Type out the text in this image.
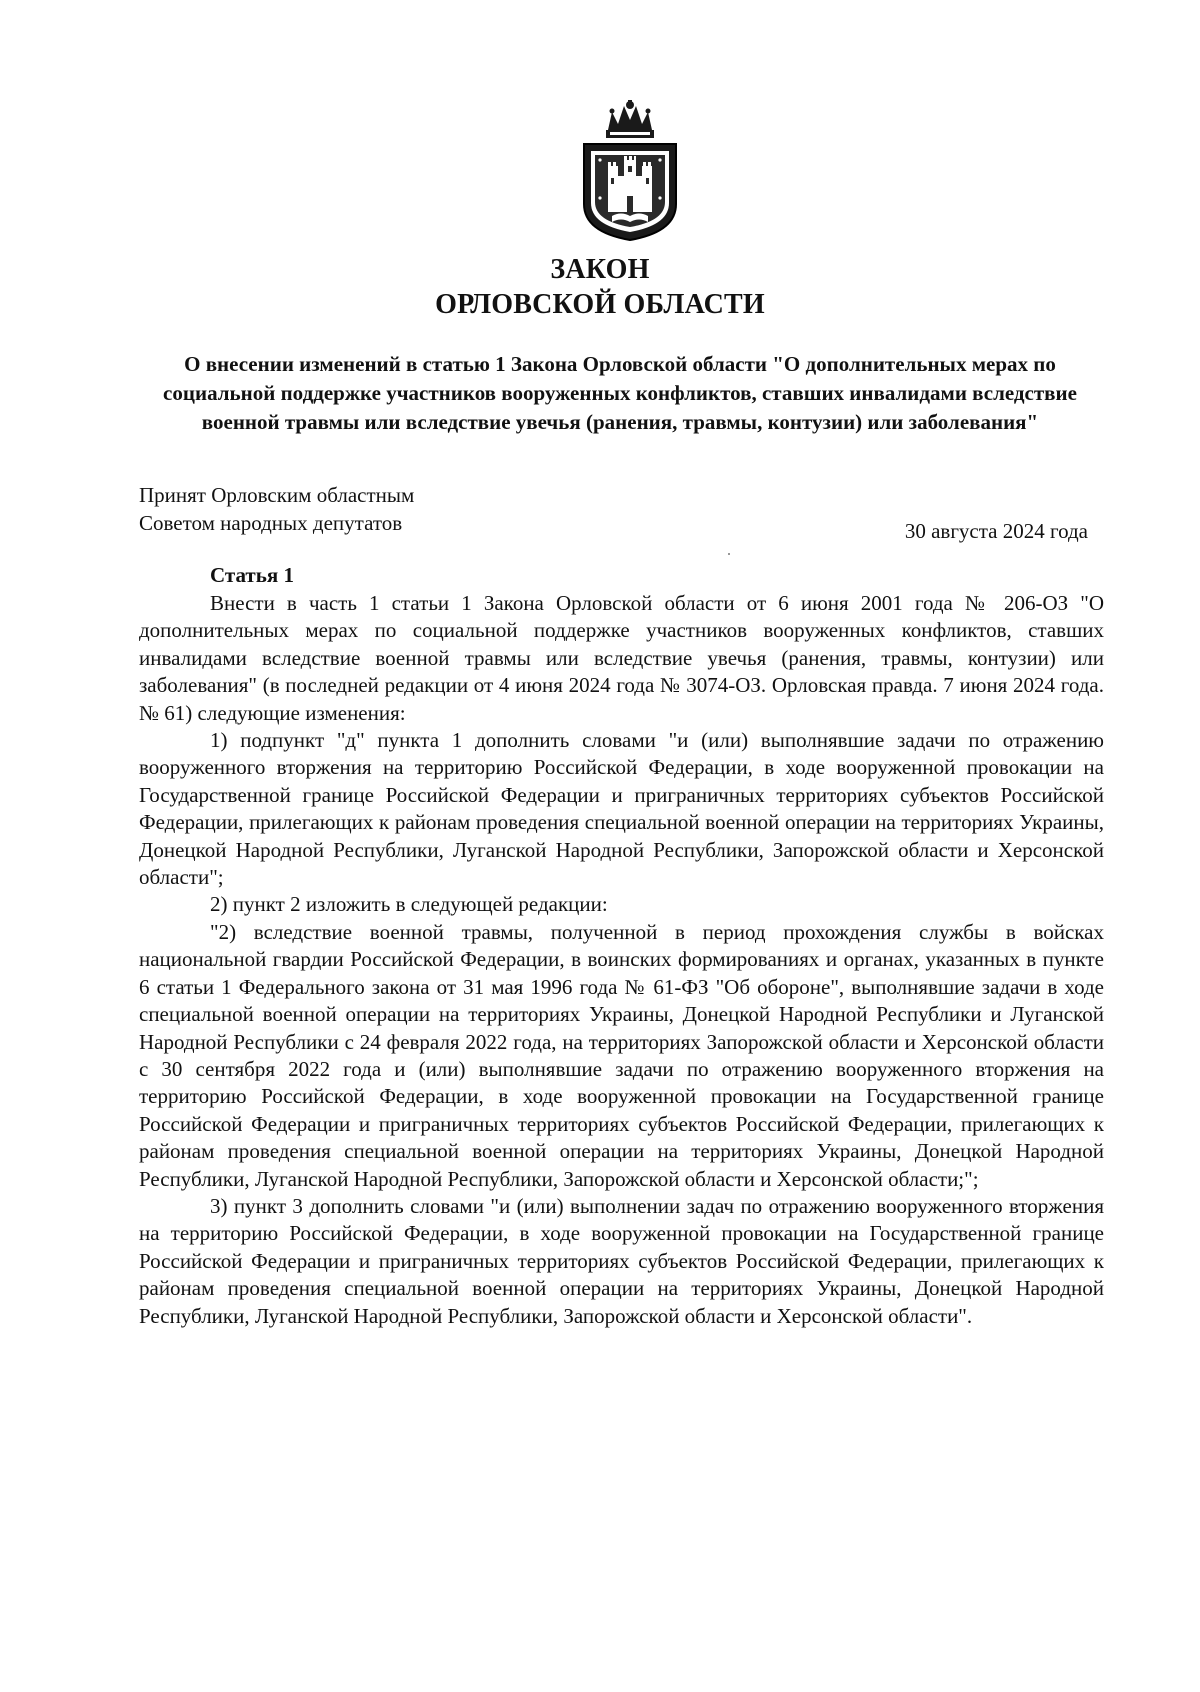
ЗАКОН
ОРЛОВСКОЙ ОБЛАСТИ
О внесении изменений в статью 1 Закона Орловской области "О дополнительных мерах по социальной поддержке участников вооруженных конфликтов, ставших инвалидами вследствие военной травмы или вследствие увечья (ранения, травмы, контузии) или заболевания"
Принят Орловским областным
Советом народных депутатов	30 августа 2024 года
Статья 1

Внести в часть 1 статьи 1 Закона Орловской области от 6 июня 2001 года № 206-ОЗ "О дополнительных мерах по социальной поддержке участников вооруженных конфликтов, ставших инвалидами вследствие военной травмы или вследствие увечья (ранения, травмы, контузии) или заболевания" (в последней редакции от 4 июня 2024 года № 3074-ОЗ. Орловская правда. 7 июня 2024 года. № 61) следующие изменения:

1) подпункт "д" пункта 1 дополнить словами "и (или) выполнявшие задачи по отражению вооруженного вторжения на территорию Российской Федерации, в ходе вооруженной провокации на Государственной границе Российской Федерации и приграничных территориях субъектов Российской Федерации, прилегающих к районам проведения специальной военной операции на территориях Украины, Донецкой Народной Республики, Луганской Народной Республики, Запорожской области и Херсонской области";

2) пункт 2 изложить в следующей редакции:

"2) вследствие военной травмы, полученной в период прохождения службы в войсках национальной гвардии Российской Федерации, в воинских формированиях и органах, указанных в пункте 6 статьи 1 Федерального закона от 31 мая 1996 года № 61-ФЗ "Об обороне", выполнявшие задачи в ходе специальной военной операции на территориях Украины, Донецкой Народной Республики и Луганской Народной Республики с 24 февраля 2022 года, на территориях Запорожской области и Херсонской области с 30 сентября 2022 года и (или) выполнявшие задачи по отражению вооруженного вторжения на территорию Российской Федерации, в ходе вооруженной провокации на Государственной границе Российской Федерации и приграничных территориях субъектов Российской Федерации, прилегающих к районам проведения специальной военной операции на территориях Украины, Донецкой Народной Республики, Луганской Народной Республики, Запорожской области и Херсонской области;";

3) пункт 3 дополнить словами "и (или) выполнении задач по отражению вооруженного вторжения на территорию Российской Федерации, в ходе вооруженной провокации на Государственной границе Российской Федерации и приграничных территориях субъектов Российской Федерации, прилегающих к районам проведения специальной военной операции на территориях Украины, Донецкой Народной Республики, Луганской Народной Республики, Запорожской области и Херсонской области".
